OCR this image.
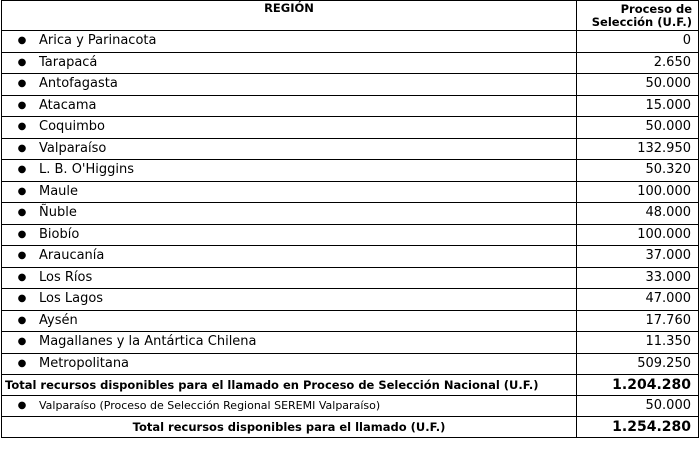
REGIÓN	Proceso de Selección (U.F.)
● Arica y Parinacota	0
● Tarapacá	2.650
● Antofagasta	50.000
● Atacama	15.000
● Coquimbo	50.000
● Valparaíso	132.950
● L. B. O'Higgins	50.320
● Maule	100.000
● Ñuble	48.000
● Biobío	100.000
● Araucanía	37.000
● Los Ríos	33.000
● Los Lagos	47.000
● Aysén	17.760
● Magallanes y la Antártica Chilena	11.350
● Metropolitana	509.250
Total recursos disponibles para el llamado en Proceso de Selección Nacional (U.F.)	1.204.280
● Valparaíso (Proceso de Selección Regional SEREMI Valparaíso)	50.000
Total recursos disponibles para el llamado (U.F.)	1.254.280
